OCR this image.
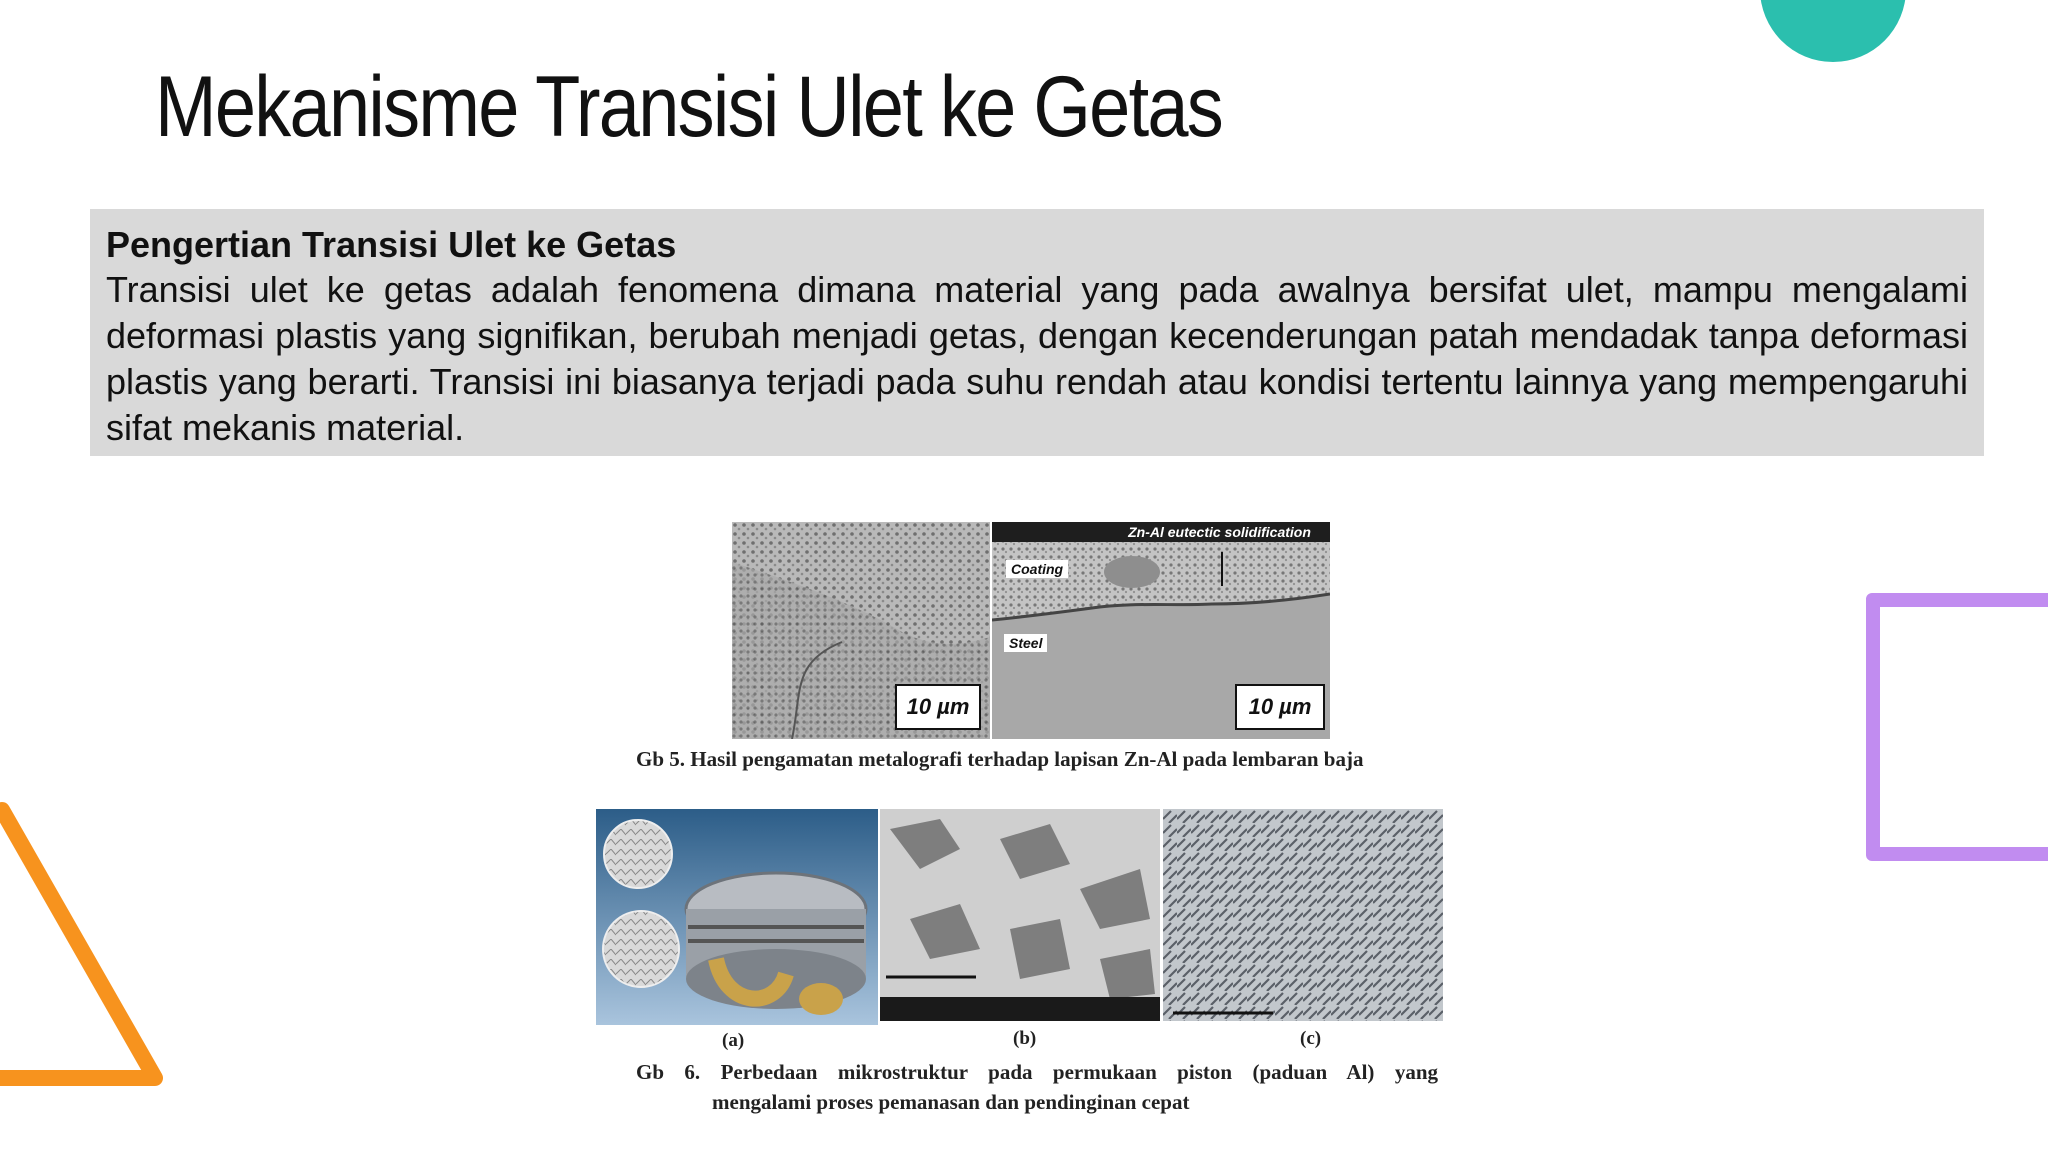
Mekanisme Transisi Ulet ke Getas
Pengertian Transisi Ulet ke Getas
Transisi ulet ke getas adalah fenomena dimana material yang pada awalnya bersifat ulet, mampu mengalami deformasi plastis yang signifikan, berubah menjadi getas, dengan kecenderungan patah mendadak tanpa deformasi plastis yang berarti. Transisi ini biasanya terjadi pada suhu rendah atau kondisi tertentu lainnya yang mempengaruhi sifat mekanis material.
10 µm
Zn-Al eutectic solidification
Coating
Steel
10 µm
Gb 5. Hasil pengamatan metalografi terhadap lapisan Zn-Al pada lembaran baja
(a)	(b)	(c)
Gb 6. Perbedaan mikrostruktur pada permukaan piston (paduan Al) yang
mengalami proses pemanasan dan pendinginan cepat
